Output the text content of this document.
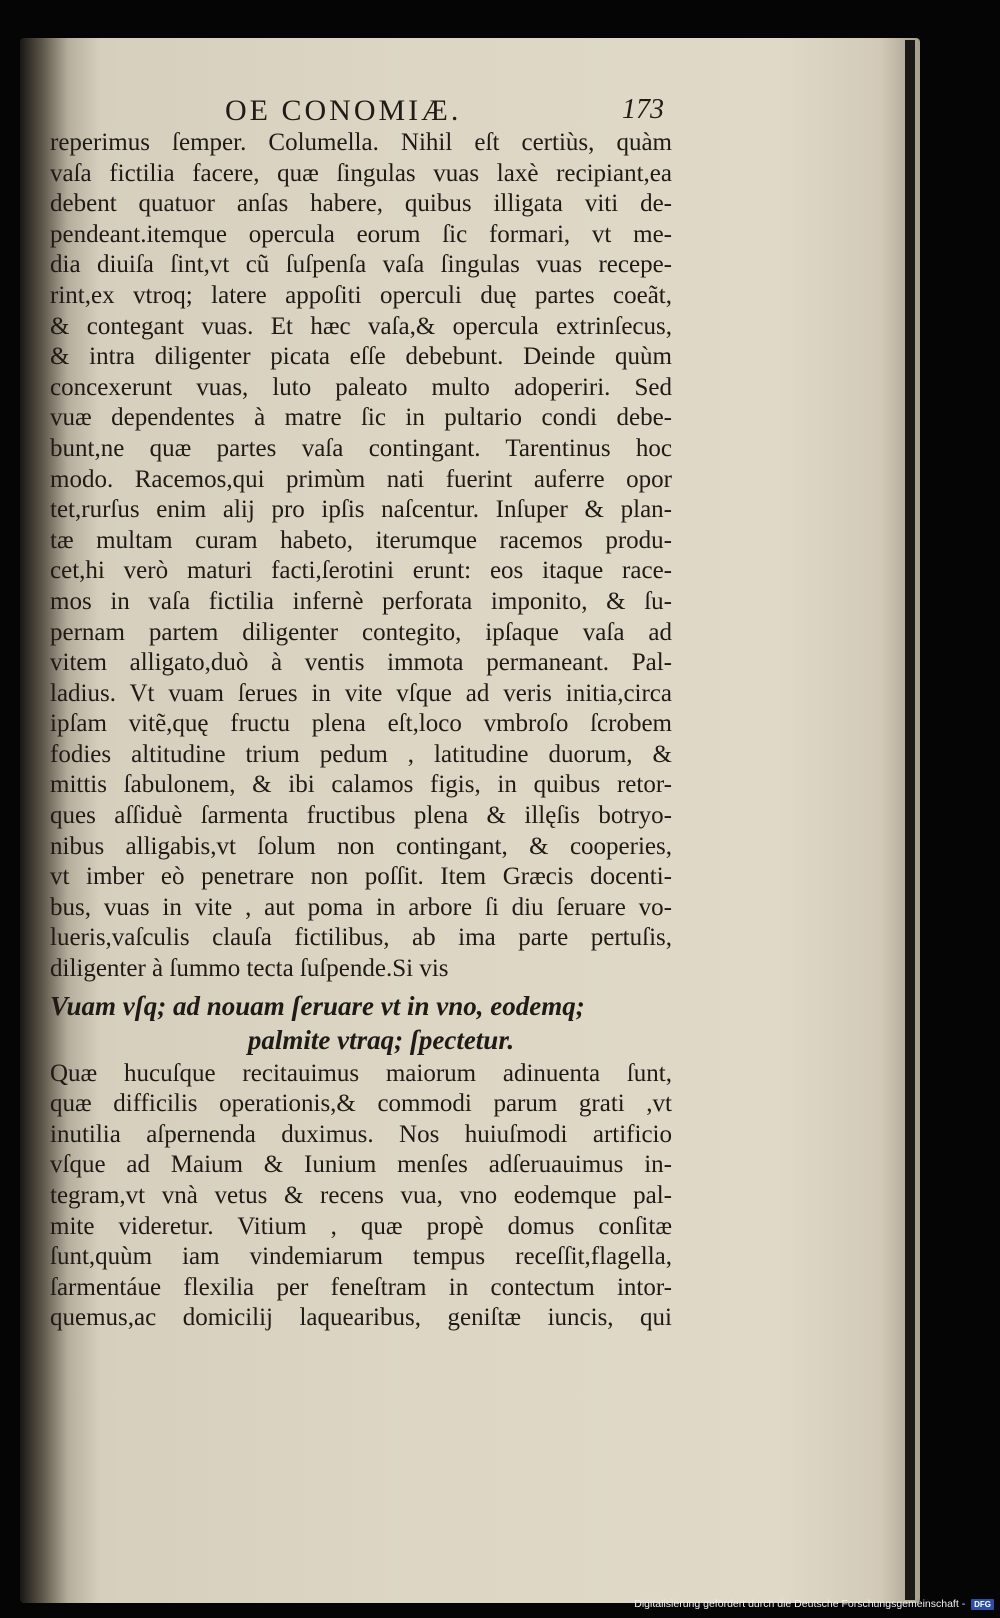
OE CONOMIÆ.	173
reperimus ſemper. Columella. Nihil eſt certiùs, quàm
vaſa fictilia facere, quæ ſingulas vuas laxè recipiant,ea
debent quatuor anſas habere, quibus illigata viti de-
pendeant.itemque opercula eorum ſic formari, vt me-
dia diuiſa ſint,vt cũ ſuſpenſa vaſa ſingulas vuas recepe-
rint,ex vtroq; latere appoſiti operculi duę partes coeãt,
& contegant vuas. Et hæc vaſa,& opercula extrinſecus,
& intra diligenter picata eſſe debebunt. Deinde quùm
concexerunt vuas, luto paleato multo adoperiri. Sed
vuæ dependentes à matre ſic in pultario condi debe-
bunt,ne quæ partes vaſa contingant. Tarentinus hoc
modo. Racemos,qui primùm nati fuerint auferre opor
tet,rurſus enim alij pro ipſis naſcentur. Inſuper & plan-
tæ multam curam habeto, iterumque racemos produ-
cet,hi verò maturi facti,ſerotini erunt: eos itaque race-
mos in vaſa fictilia infernè perforata imponito, & ſu-
pernam partem diligenter contegito, ipſaque vaſa ad
vitem alligato,duò à ventis immota permaneant. Pal-
ladius. Vt vuam ſerues in vite vſque ad veris initia,circa
ipſam vitẽ,quę fructu plena eſt,loco vmbroſo ſcrobem
fodies altitudine trium pedum , latitudine duorum, &
mittis ſabulonem, & ibi calamos figis, in quibus retor-
ques aſſiduè ſarmenta fructibus plena & illęſis botryo-
nibus alligabis,vt ſolum non contingant, & cooperies,
vt imber eò penetrare non poſſit. Item Græcis docenti-
bus, vuas in vite , aut poma in arbore ſi diu ſeruare vo-
lueris,vaſculis clauſa fictilibus, ab ima parte pertuſis,
diligenter à ſummo tecta ſuſpende.Si vis
Vuam vſq; ad nouam ſeruare vt in vno, eodemq;
palmite vtraq; ſpectetur.
Quæ hucuſque recitauimus maiorum adinuenta ſunt,
quæ difficilis operationis,& commodi parum grati ,vt
inutilia aſpernenda duximus. Nos huiuſmodi artificio
vſque ad Maium & Iunium menſes adſeruauimus in-
tegram,vt vnà vetus & recens vua, vno eodemque pal-
mite videretur. Vitium , quæ propè domus conſitæ
ſunt,quùm iam vindemiarum tempus receſſit,flagella,
ſarmentáue flexilia per feneſtram in contectum intor-
quemus,ac domicilij laquearibus, geniſtæ iuncis, qui
Digitalisierung gefördert durch die Deutsche Forschungsgemeinschaft - DFG
